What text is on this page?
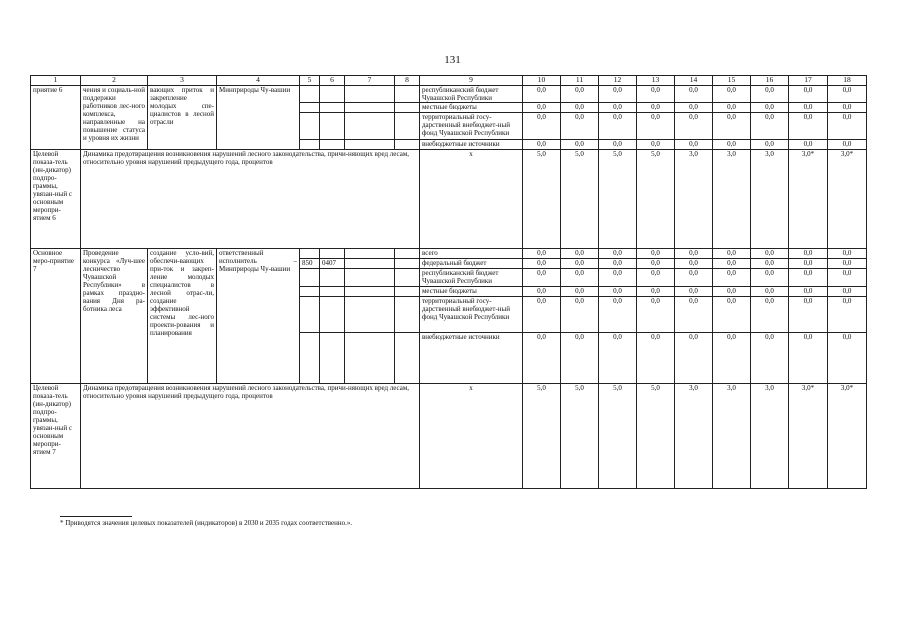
131
1	2	3	4	5	6	7	8	9	10	11	12	13	14	15	16	17	18
приятие 6	чения и социаль-ной поддержки работников лес-ного комплекса, направленные на повышение статуса и уровня их жизни	вающих приток и закрепление молодых спе-циалистов в лесной отрасли	Минприроды Чу-вашии					республиканский бюджет Чувашской Республики	0,0	0,0	0,0	0,0	0,0	0,0	0,0	0,0	0,0
								местные бюджеты	0,0	0,0	0,0	0,0	0,0	0,0	0,0	0,0	0,0
								территориальный госу-дарственный внебюджет-ный фонд Чувашской Республики	0,0	0,0	0,0	0,0	0,0	0,0	0,0	0,0	0,0
								внебюджетные источники	0,0	0,0	0,0	0,0	0,0	0,0	0,0	0,0	0,0
Целевой показа-тель (ин-дикатор) подпро-граммы, увязан-ный с основным меропри-ятием 6	Динамика предотвращения возникновения нарушений лесного законодательства, причи-няющих вред лесам, относительно уровня нарушений предыдущего года, процентов							x	5,0	5,0	5,0	5,0	3,0	3,0	3,0	3,0*	3,0*
Основное меро-приятие 7	Проведение конкурса «Луч-шее лесничество Чувашской Республики» в рамках праздно-вания Дня ра-ботника леса	создание усло-вий, обеспечи-вающих при-ток и закреп-ление молодых специалистов в лесной отрас-ли, создание эффективной системы лес-ного проекти-рования и планирования	ответственный исполнитель – Минприроды Чу-вашии					всего	0,0	0,0	0,0	0,0	0,0	0,0	0,0	0,0	0,0
				850	0407			федеральный бюджет	0,0	0,0	0,0	0,0	0,0	0,0	0,0	0,0	0,0
								республиканский бюджет Чувашской Республики	0,0	0,0	0,0	0,0	0,0	0,0	0,0	0,0	0,0
								местные бюджеты	0,0	0,0	0,0	0,0	0,0	0,0	0,0	0,0	0,0
								территориальный госу-дарственный внебюджет-ный фонд Чувашской Республики	0,0	0,0	0,0	0,0	0,0	0,0	0,0	0,0	0,0
								внебюджетные источники	0,0	0,0	0,0	0,0	0,0	0,0	0,0	0,0	0,0
Целевой показа-тель (ин-дикатор) подпро-граммы, увязан-ный с основным меропри-ятием 7	Динамика предотвращения возникновения нарушений лесного законодательства, причи-няющих вред лесам, относительно уровня нарушений предыдущего года, процентов							x	5,0	5,0	5,0	5,0	3,0	3,0	3,0	3,0*	3,0*
* Приводятся значения целевых показателей (индикаторов) в 2030 и 2035 годах соответственно.».
